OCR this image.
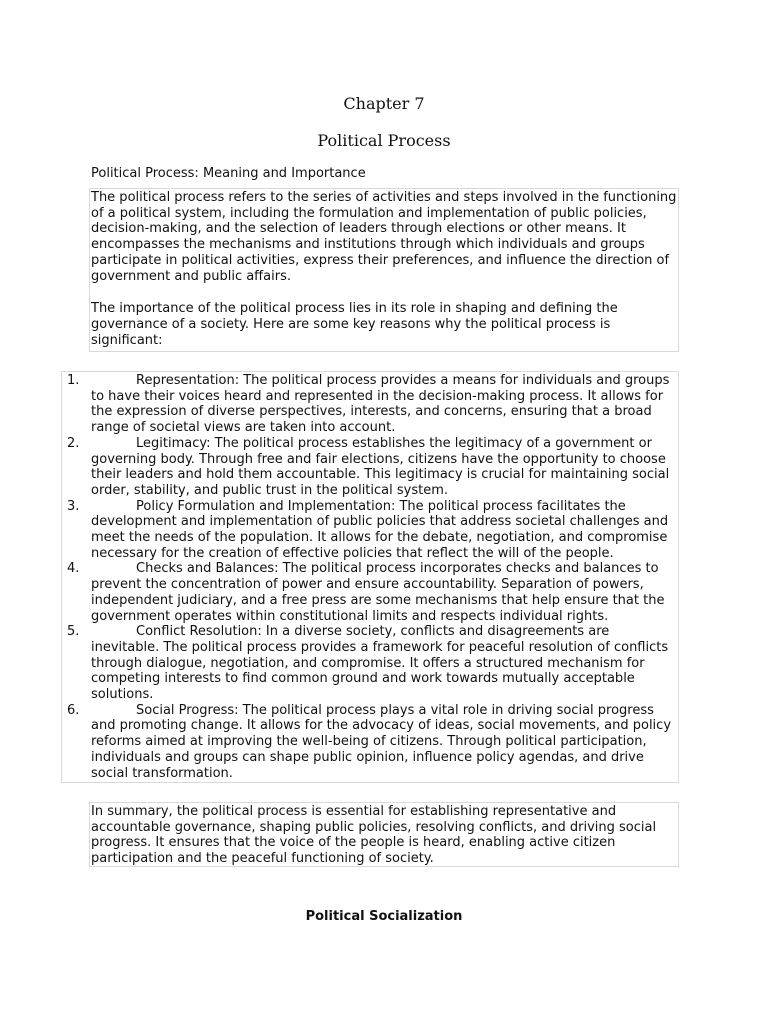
Chapter 7
Political Process
Political Process: Meaning and Importance

The political process refers to the series of activities and steps involved in the functioning of a political system, including the formulation and implementation of public policies, decision-making, and the selection of leaders through elections or other means. It encompasses the mechanisms and institutions through which individuals and groups participate in political activities, express their preferences, and influence the direction of government and public affairs.

The importance of the political process lies in its role in shaping and defining the governance of a society. Here are some key reasons why the political process is significant:

1.	Representation: The political process provides a means for individuals and groups to have their voices heard and represented in the decision-making process. It allows for the expression of diverse perspectives, interests, and concerns, ensuring that a broad range of societal views are taken into account.
2.	Legitimacy: The political process establishes the legitimacy of a government or governing body. Through free and fair elections, citizens have the opportunity to choose their leaders and hold them accountable. This legitimacy is crucial for maintaining social order, stability, and public trust in the political system.
3.	Policy Formulation and Implementation: The political process facilitates the development and implementation of public policies that address societal challenges and meet the needs of the population. It allows for the debate, negotiation, and compromise necessary for the creation of effective policies that reflect the will of the people.
4.	Checks and Balances: The political process incorporates checks and balances to prevent the concentration of power and ensure accountability. Separation of powers, independent judiciary, and a free press are some mechanisms that help ensure that the government operates within constitutional limits and respects individual rights.
5.	Conflict Resolution: In a diverse society, conflicts and disagreements are inevitable. The political process provides a framework for peaceful resolution of conflicts through dialogue, negotiation, and compromise. It offers a structured mechanism for competing interests to find common ground and work towards mutually acceptable solutions.
6.	Social Progress: The political process plays a vital role in driving social progress and promoting change. It allows for the advocacy of ideas, social movements, and policy reforms aimed at improving the well-being of citizens. Through political participation, individuals and groups can shape public opinion, influence policy agendas, and drive social transformation.

In summary, the political process is essential for establishing representative and accountable governance, shaping public policies, resolving conflicts, and driving social progress. It ensures that the voice of the people is heard, enabling active citizen participation and the peaceful functioning of society.

Political Socialization
